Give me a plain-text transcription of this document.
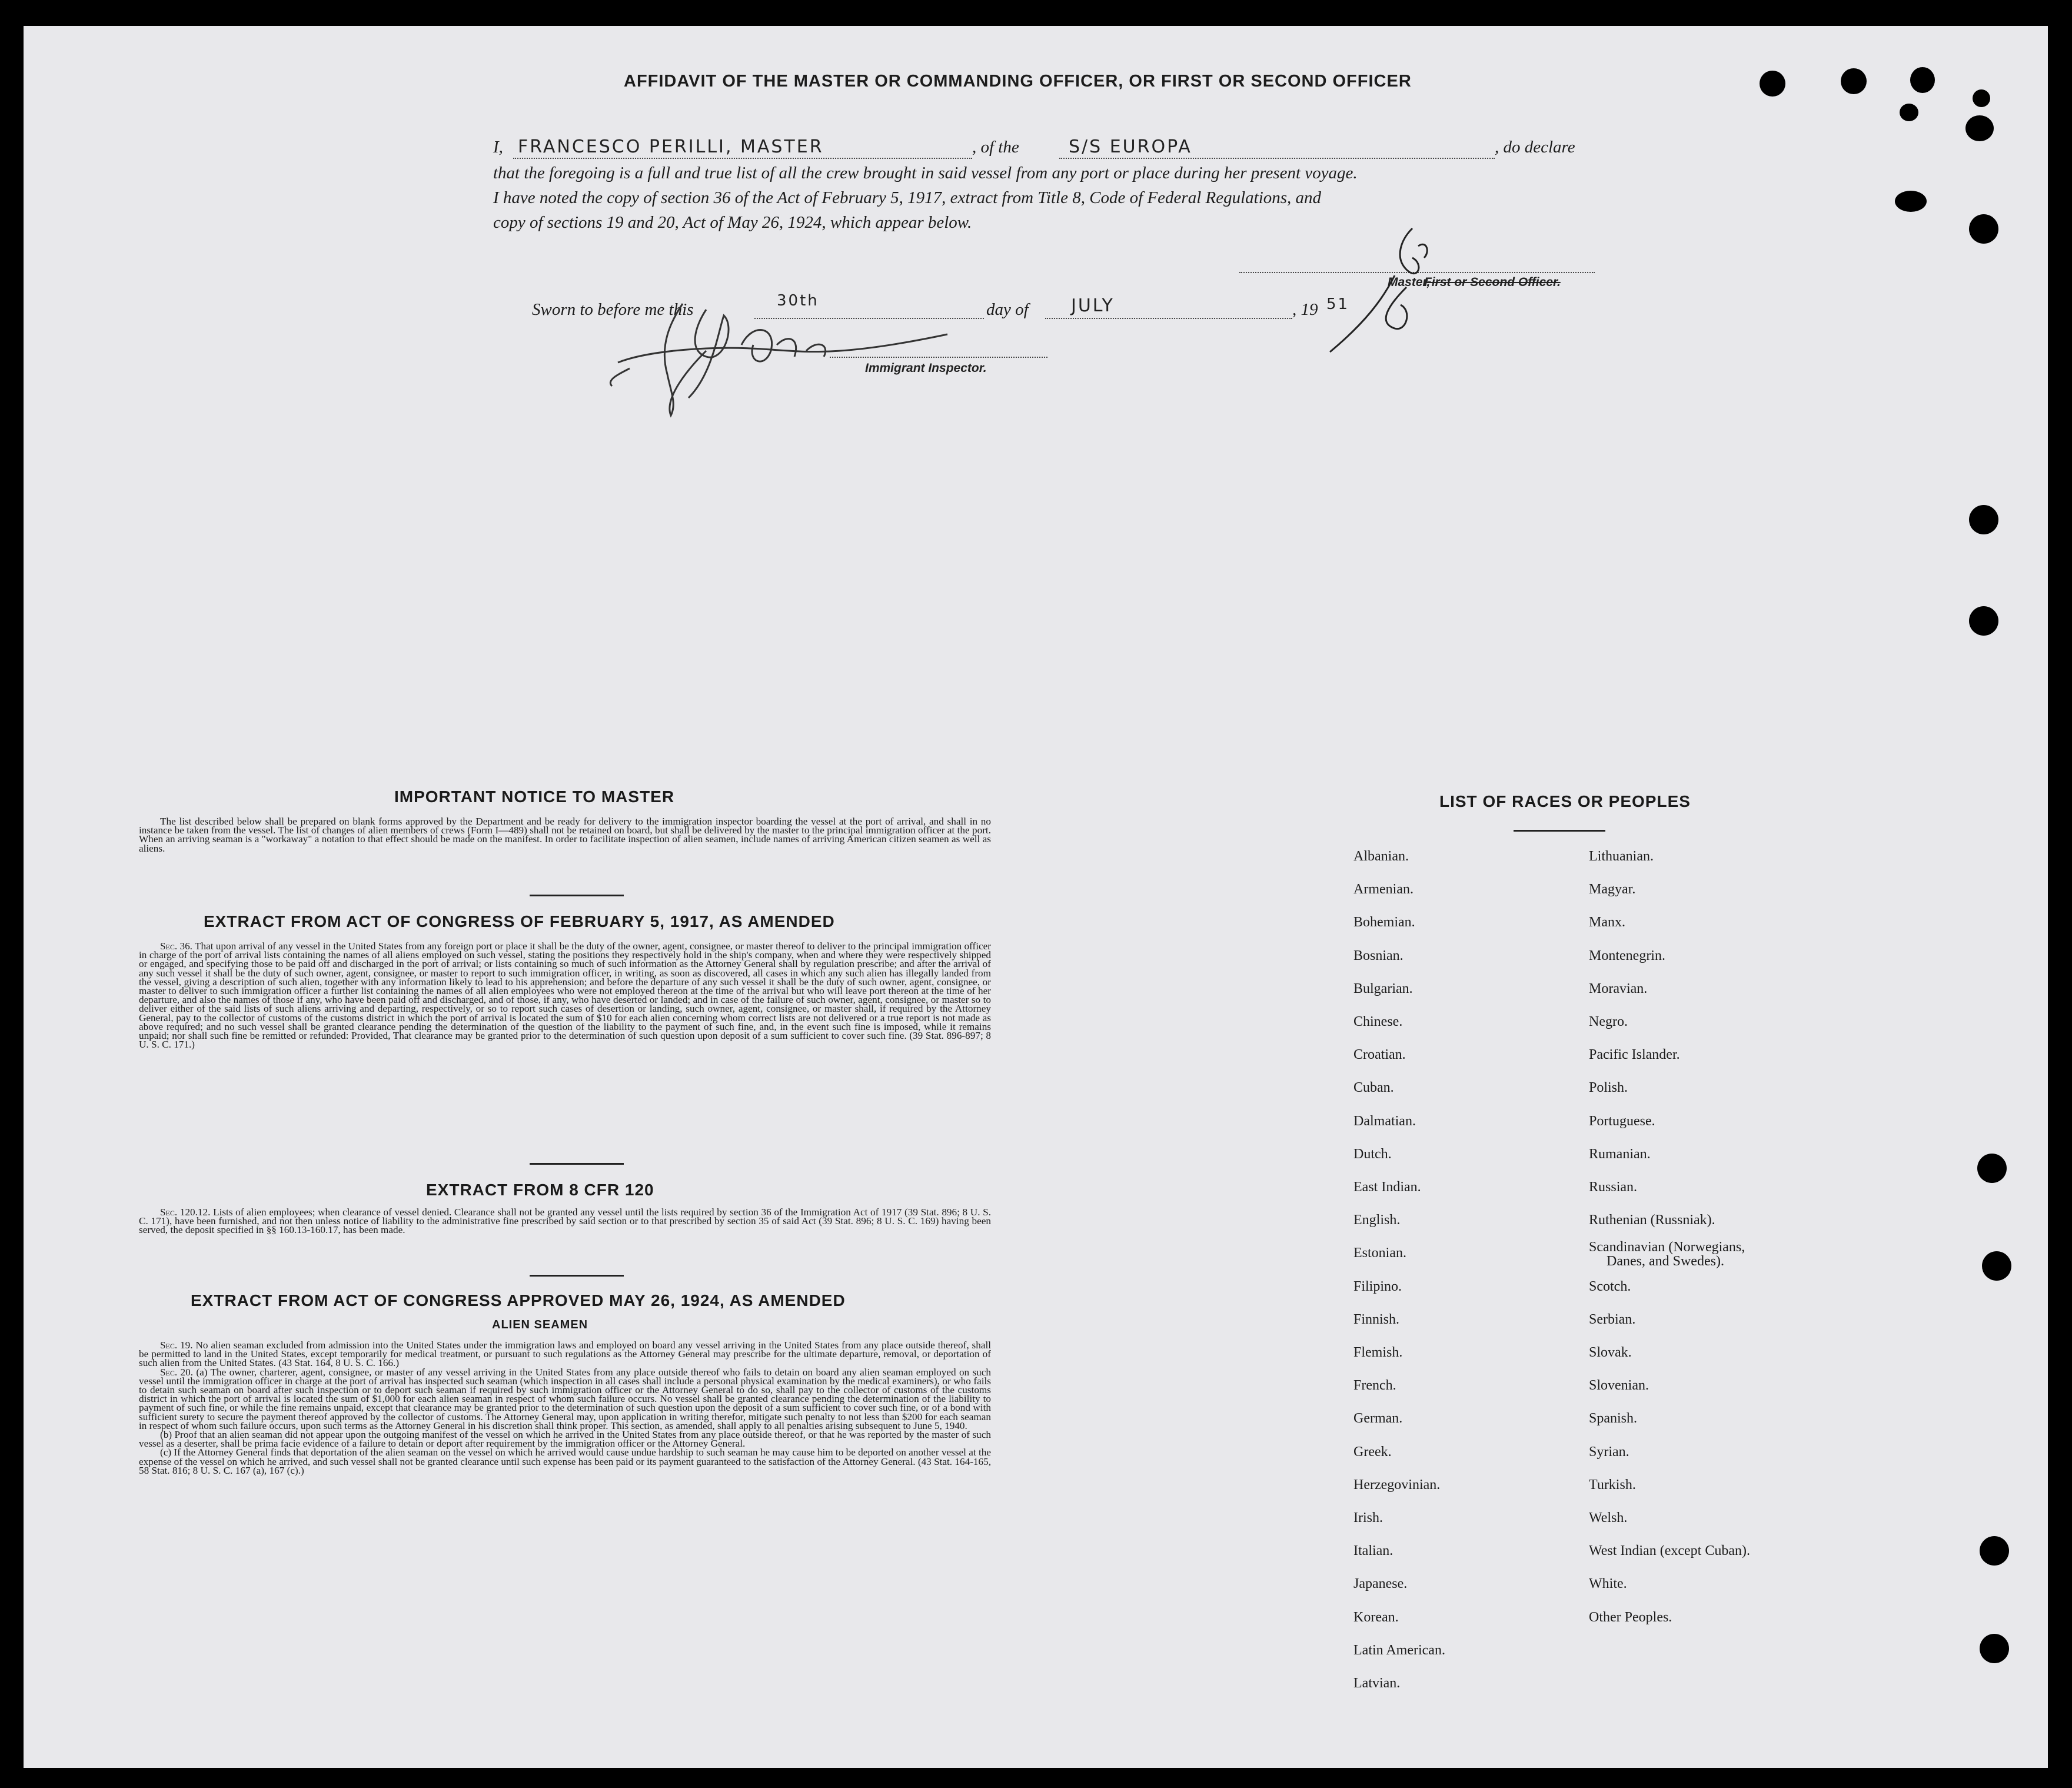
AFFIDAVIT OF THE MASTER OR COMMANDING OFFICER, OR FIRST OR SECOND OFFICER
I, FRANCESCO PERILLI, MASTER	, of the	S/S EUROPA	, do declare
that the foregoing is a full and true list of all the crew brought in said vessel from any port or place during her present voyage.
I have noted the copy of section 36 of the Act of February 5, 1917, extract from Title 8, Code of Federal Regulations, and
copy of sections 19 and 20, Act of May 26, 1924, which appear below.
Sworn to before me this	30th	day of JULY	, 19 51
Master,
First or Second Officer.
Immigrant Inspector.
IMPORTANT NOTICE TO MASTER

The list described below shall be prepared on blank forms approved by the Department and be ready for delivery to the immigration inspector boarding the vessel at the port of arrival, and shall in no instance be taken from the vessel. The list of changes of alien members of crews (Form I—489) shall not be retained on board, but shall be delivered by the master to the principal immigration officer at the port. When an arriving seaman is a "workaway" a notation to that effect should be made on the manifest. In order to facilitate inspection of alien seamen, include names of arriving American citizen seamen as well as aliens.

EXTRACT FROM ACT OF CONGRESS OF FEBRUARY 5, 1917, AS AMENDED

Sec. 36. That upon arrival of any vessel in the United States from any foreign port or place it shall be the duty of the owner, agent, consignee, or master thereof to deliver to the principal immigration officer in charge of the port of arrival lists containing the names of all aliens employed on such vessel, stating the positions they respectively hold in the ship's company, when and where they were respectively shipped or engaged, and specifying those to be paid off and discharged in the port of arrival; or lists containing so much of such information as the Attorney General shall by regulation prescribe; and after the arrival of any such vessel it shall be the duty of such owner, agent, consignee, or master to report to such immigration officer, in writing, as soon as discovered, all cases in which any such alien has illegally landed from the vessel, giving a description of such alien, together with any information likely to lead to his apprehension; and before the departure of any such vessel it shall be the duty of such owner, agent, consignee, or master to deliver to such immigration officer a further list containing the names of all alien employees who were not employed thereon at the time of the arrival but who will leave port thereon at the time of her departure, and also the names of those if any, who have been paid off and discharged, and of those, if any, who have deserted or landed; and in case of the failure of such owner, agent, consignee, or master so to deliver either of the said lists of such aliens arriving and departing, respectively, or so to report such cases of desertion or landing, such owner, agent, consignee, or master shall, if required by the Attorney General, pay to the collector of customs of the customs district in which the port of arrival is located the sum of $10 for each alien concerning whom correct lists are not delivered or a true report is not made as above required; and no such vessel shall be granted clearance pending the determination of the question of the liability to the payment of such fine, and, in the event such fine is imposed, while it remains unpaid; nor shall such fine be remitted or refunded: Provided, That clearance may be granted prior to the determination of such question upon deposit of a sum sufficient to cover such fine. (39 Stat. 896-897; 8 U. S. C. 171.)

EXTRACT FROM 8 CFR 120

Sec. 120.12. Lists of alien employees; when clearance of vessel denied. Clearance shall not be granted any vessel until the lists required by section 36 of the Immigration Act of 1917 (39 Stat. 896; 8 U. S. C. 171), have been furnished, and not then unless notice of liability to the administrative fine prescribed by said section or to that prescribed by section 35 of said Act (39 Stat. 896; 8 U. S. C. 169) having been served, the deposit specified in §§ 160.13-160.17, has been made.

EXTRACT FROM ACT OF CONGRESS APPROVED MAY 26, 1924, AS AMENDED
ALIEN SEAMEN

Sec. 19. No alien seaman excluded from admission into the United States under the immigration laws and employed on board any vessel arriving in the United States from any place outside thereof, shall be permitted to land in the United States, except temporarily for medical treatment, or pursuant to such regulations as the Attorney General may prescribe for the ultimate departure, removal, or deportation of such alien from the United States. (43 Stat. 164, 8 U. S. C. 166.)

Sec. 20. (a) The owner, charterer, agent, consignee, or master of any vessel arriving in the United States from any place outside thereof who fails to detain on board any alien seaman employed on such vessel until the immigration officer in charge at the port of arrival has inspected such seaman (which inspection in all cases shall include a personal physical examination by the medical examiners), or who fails to detain such seaman on board after such inspection or to deport such seaman if required by such immigration officer or the Attorney General to do so, shall pay to the collector of customs of the customs district in which the port of arrival is located the sum of $1,000 for each alien seaman in respect of whom such failure occurs. No vessel shall be granted clearance pending the determination of the liability to payment of such fine, or while the fine remains unpaid, except that clearance may be granted prior to the determination of such question upon the deposit of a sum sufficient to cover such fine, or of a bond with sufficient surety to secure the payment thereof approved by the collector of customs. The Attorney General may, upon application in writing therefor, mitigate such penalty to not less than $200 for each seaman in respect of whom such failure occurs, upon such terms as the Attorney General in his discretion shall think proper. This section, as amended, shall apply to all penalties arising subsequent to June 5, 1940.

(b) Proof that an alien seaman did not appear upon the outgoing manifest of the vessel on which he arrived in the United States from any place outside thereof, or that he was reported by the master of such vessel as a deserter, shall be prima facie evidence of a failure to detain or deport after requirement by the immigration officer or the Attorney General.

(c) If the Attorney General finds that deportation of the alien seaman on the vessel on which he arrived would cause undue hardship to such seaman he may cause him to be deported on another vessel at the expense of the vessel on which he arrived, and such vessel shall not be granted clearance until such expense has been paid or its payment guaranteed to the satisfaction of the Attorney General. (43 Stat. 164-165, 58 Stat. 816; 8 U. S. C. 167 (a), 167 (c).)

LIST OF RACES OR PEOPLES
Albanian.
Armenian.
Bohemian.
Bosnian.
Bulgarian.
Chinese.
Croatian.
Cuban.
Dalmatian.
Dutch.
East Indian.
English.
Estonian.
Filipino.
Finnish.
Flemish.
French.
German.
Greek.
Herzegovinian.
Irish.
Italian.
Japanese.
Korean.
Latin American.
Latvian.
Lithuanian.
Magyar.
Manx.
Montenegrin.
Moravian.
Negro.
Pacific Islander.
Polish.
Portuguese.
Rumanian.
Russian.
Ruthenian (Russniak).
Scandinavian (Norwegians,
Danes, and Swedes).
Scotch.
Serbian.
Slovak.
Slovenian.
Spanish.
Syrian.
Turkish.
Welsh.
West Indian (except Cuban).
White.
Other Peoples.
